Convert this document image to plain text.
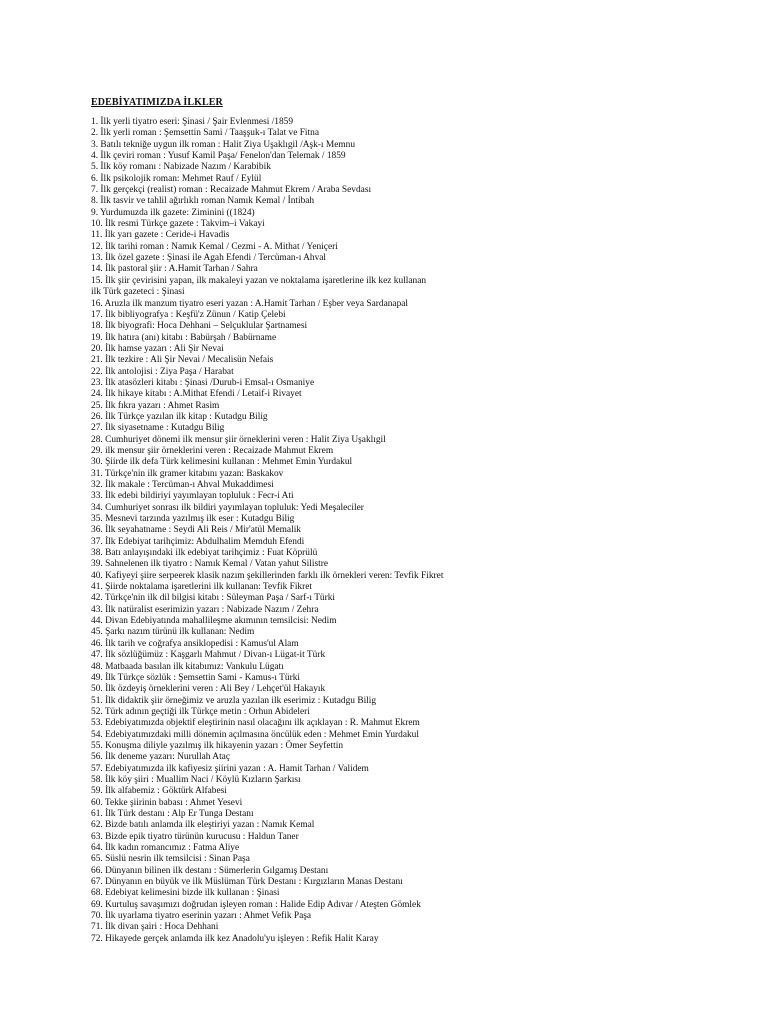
EDEBİYATIMIZDA İLKLER
1. İlk yerli tiyatro eseri: Şinasi / Şair Evlenmesi /1859
2. İlk yerli roman : Şemsettin Sami / Taaşşuk-ı Talat ve Fitna
3. Batılı tekniğe uygun ilk roman : Halit Ziya Uşaklıgil /Aşk-ı Memnu
4. İlk çeviri roman : Yusuf Kamil Paşa/ Fenelon'dan Telemak / 1859
5. İlk köy romanı : Nabizade Nazım / Karabibik
6. İlk psikolojik roman: Mehmet Rauf / Eylül
7. İlk gerçekçi (realist) roman : Recaizade Mahmut Ekrem / Araba Sevdası
8. İlk tasvir ve tahlil ağırlıklı roman Namık Kemal / İntibah
9. Yurdumuzda ilk gazete: Ziminini ((1824)
10. İlk resmi Türkçe gazete : Takvim–i Vakayi
11. İlk yarı gazete : Ceride-i Havadis
12. İlk tarihi roman : Namık Kemal / Cezmi - A. Mithat / Yeniçeri
13. İlk özel gazete : Şinasi ile Agah Efendi / Tercüman-ı Ahval
14. İlk pastoral şiir : A.Hamit Tarhan / Sahra
15. İlk şiir çevirisini yapan, ilk makaleyi yazan ve noktalama işaretlerine ilk kez kullanan
ilk Türk gazeteci : Şinasi
16. Aruzla ilk manzum tiyatro eseri yazan : A.Hamit Tarhan / Eşber veya Sardanapal
17. İlk bibliyografya : Keşfü'z Zünun / Katip Çelebi
18. İlk biyografi: Hoca Dehhani – Selçuklular Şartnamesi
19. İlk hatıra (anı) kitabı : Babürşah / Babürname
20. İlk hamse yazarı : Ali Şir Nevai
21. İlk tezkire : Ali Şir Nevai / Mecalisün Nefais
22. İlk antolojisi : Ziya Paşa / Harabat
23. İlk atasözleri kitabı : Şinasi /Durub-i Emsal-ı Osmaniye
24. İlk hikaye kitabı : A.Mithat Efendi / Letaif-i Rivayet
25. İlk fıkra yazarı : Ahmet Rasim
26. İlk Türkçe yazılan ilk kitap : Kutadgu Bilig
27. İlk siyasetname : Kutadgu Bilig
28. Cumhuriyet dönemi ilk mensur şiir örneklerini veren : Halit Ziya Uşaklıgil
29. ilk mensur şiir örneklerini veren : Recaizade Mahmut Ekrem
30. Şiirde ilk defa Türk kelimesini kullanan : Mehmet Emin Yurdakul
31. Türkçe'nin ilk gramer kitabını yazan: Baskakov
32. İlk makale : Tercüman-ı Ahval Mukaddimesi
33. İlk edebi bildiriyi yayımlayan topluluk : Fecr-i Ati
34. Cumhuriyet sonrası ilk bildiri yayımlayan topluluk: Yedi Meşaleciler
35. Mesnevi tarzında yazılmış ilk eser : Kutadgu Bilig
36. İlk seyahatname : Seydi Ali Reis / Mir'atül Memalik
37. İlk Edebiyat tarihçimiz: Abdulhalim Memduh Efendi
38. Batı anlayışındaki ilk edebiyat tarihçimiz : Fuat Köprülü
39. Sahnelenen ilk tiyatro : Namık Kemal / Vatan yahut Silistre
40. Kafiyeyi şiire serpeerek klasik nazım şekillerinden farklı ilk örnekleri veren: Tevfik Fikret
41. Şiirde noktalama işaretlerini ilk kullanan: Tevfik Fikret
42. Türkçe'nin ilk dil bilgisi kitabı : Süleyman Paşa / Sarf-ı Türki
43. İlk natüralist eserimizin yazarı : Nabizade Nazım / Zehra
44. Divan Edebiyatında mahallileşme akımının temsilcisi: Nedim
45. Şarkı nazım türünü ilk kullanan: Nedim
46. İlk tarih ve coğrafya ansiklopedisi : Kamus'ul Alam
47. İlk sözlüğümüz : Kaşgarlı Mahmut / Divan-ı Lügat-it Türk
48. Matbaada basılan ilk kitabımız: Vankulu Lügatı
49. İlk Türkçe sözlük : Şemsettin Sami - Kamus-ı Türki
50. İlk özdeyiş örneklerini veren : Ali Bey / Lehçet'ül Hakayık
51. İlk didaktik şiir örneğimiz ve aruzla yazılan ilk eserimiz : Kutadgu Bilig
52. Türk adının geçtiği ilk Türkçe metin : Orhun Abideleri
53. Edebiyatımızda objektif eleştirinin nasıl olacağını ilk açıklayan : R. Mahmut Ekrem
54. Edebiyatımızdaki milli dönemin açılmasına öncülük eden : Mehmet Emin Yurdakul
55. Konuşma diliyle yazılmış ilk hikayenin yazarı : Ömer Seyfettin
56. İlk deneme yazarı: Nurullah Ataç
57. Edebiyatımızda ilk kafiyesiz şiirini yazan : A. Hamit Tarhan / Validem
58. İlk köy şiiri : Muallim Naci / Köylü Kızların Şarkısı
59. İlk alfabemiz : Göktürk Alfabesi
60. Tekke şiirinin babası : Ahmet Yesevi
61. İlk Türk destanı : Alp Er Tunga Destanı
62. Bizde batılı anlamda ilk eleştiriyi yazan : Namık Kemal
63. Bizde epik tiyatro türünün kurucusu : Haldun Taner
64. İlk kadın romancımız : Fatma Aliye
65. Süslü nesrin ilk temsilcisi : Sinan Paşa
66. Dünyanın bilinen ilk destanı : Sümerlerin Gılgamış Destanı
67. Dünyanın en büyük ve ilk Müslüman Türk Destanı : Kırgızların Manas Destanı
68. Edebiyat kelimesini bizde ilk kullanan : Şinasi
69. Kurtuluş savaşımızı doğrudan işleyen roman : Halide Edip Adıvar / Ateşten Gömlek
70. İlk uyarlama tiyatro eserinin yazarı : Ahmet Vefik Paşa
71. İlk divan şairi : Hoca Dehhani
72. Hikayede gerçek anlamda ilk kez Anadolu'yu işleyen : Refik Halit Karay
